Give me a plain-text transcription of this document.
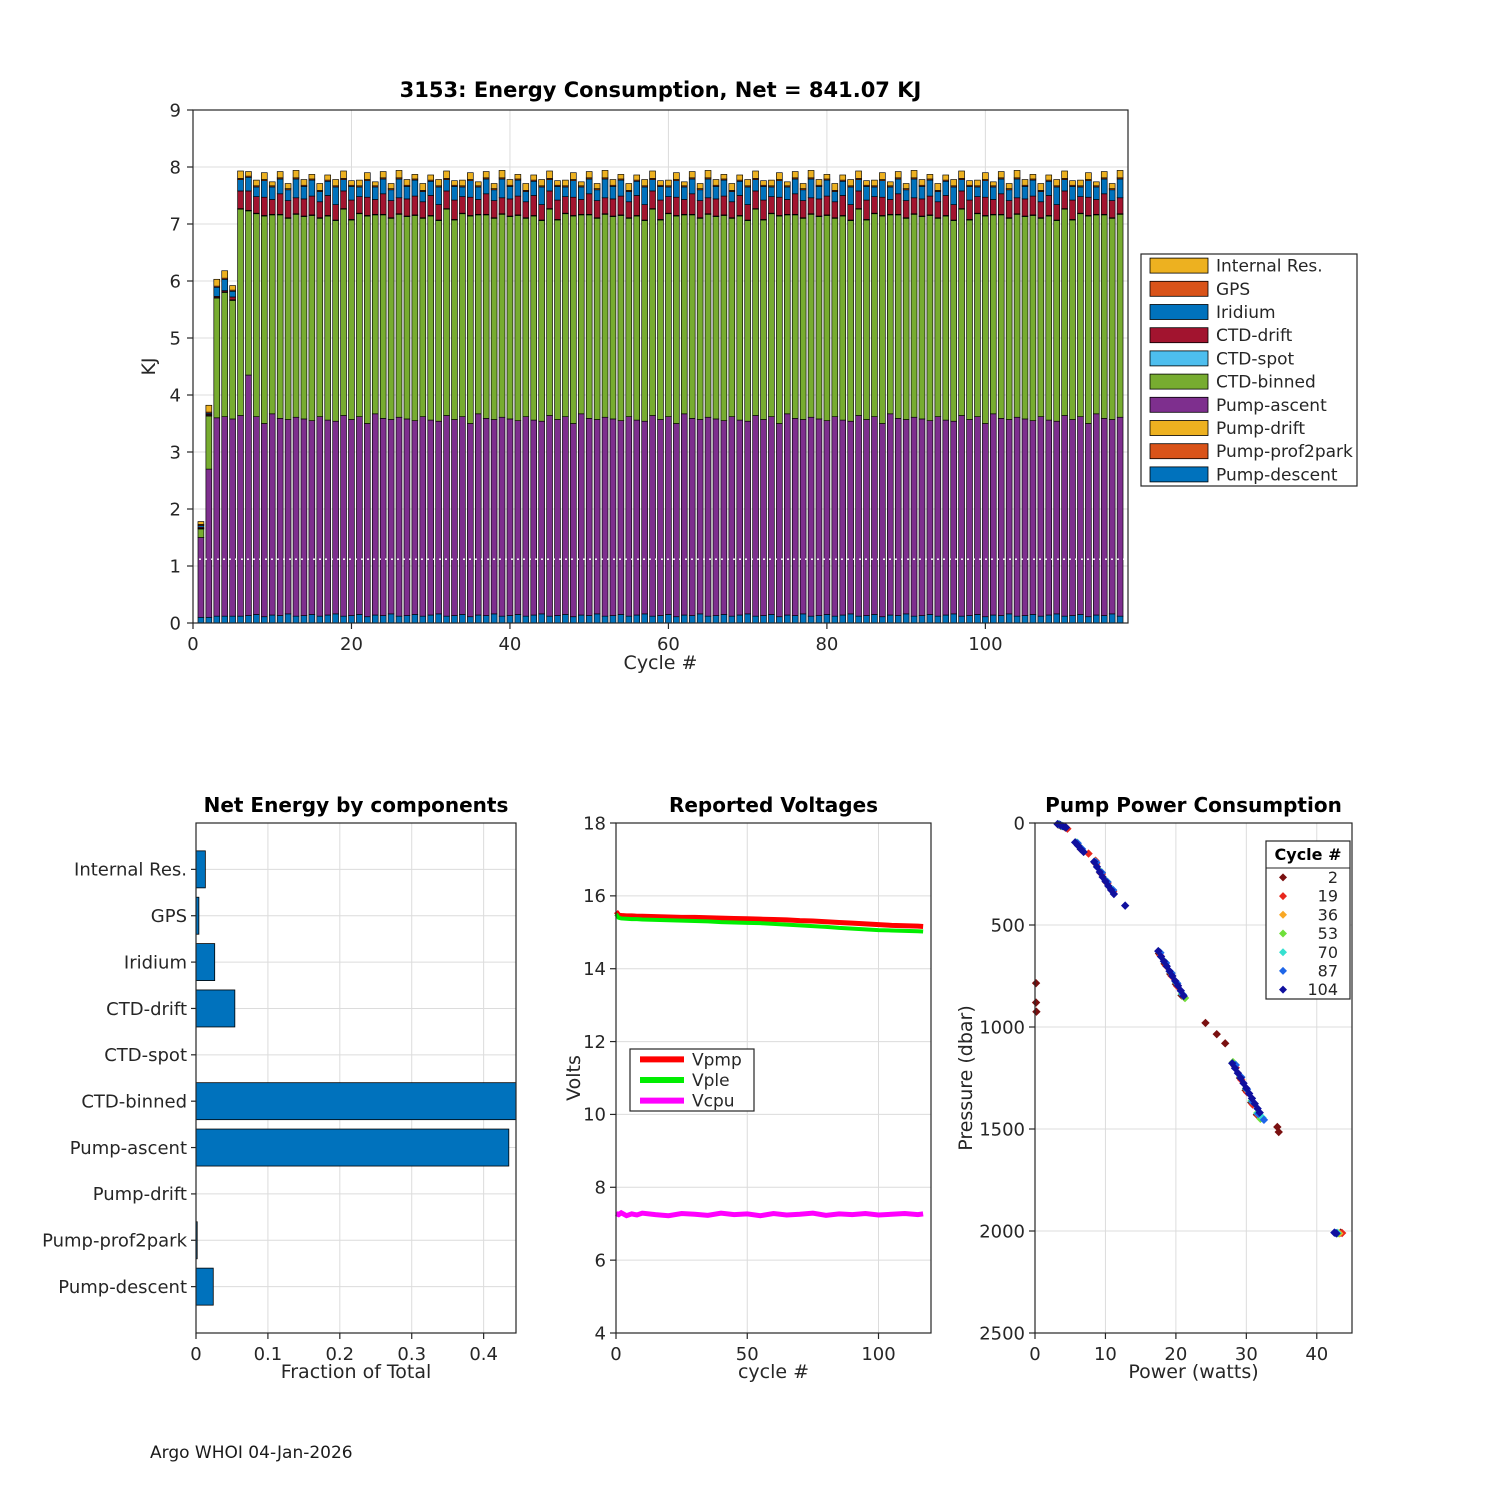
0	20	40	60	80	100
0
1
2
3
4
5
6
7
8
9
3153: Energy Consumption, Net = 841.07 KJ
Cycle #
KJ
Internal Res.
GPS
Iridium
CTD-drift
CTD-spot
CTD-binned
Pump-ascent
Pump-drift
Pump-prof2park
Pump-descent
0	0.1 0.2 0.3 0.4
Internal Res.
GPS
Iridium
CTD-drift
CTD-spot
CTD-binned
Pump-ascent
Pump-drift
Pump-prof2park
Pump-descent
Net Energy by components
Fraction of Total
0	50	100
4
6
8
10
12
14
16
18
Reported Voltages
cycle #
Volts	Vpmp
Vple
Vcpu
0	10	20	30	40
0
500
1000
1500
2000
2500
Pump Power Consumption
Power (watts)
Pressure (dbar)
Cycle #
2
19
36
53
70
87
104
Argo WHOI 04-Jan-2026
